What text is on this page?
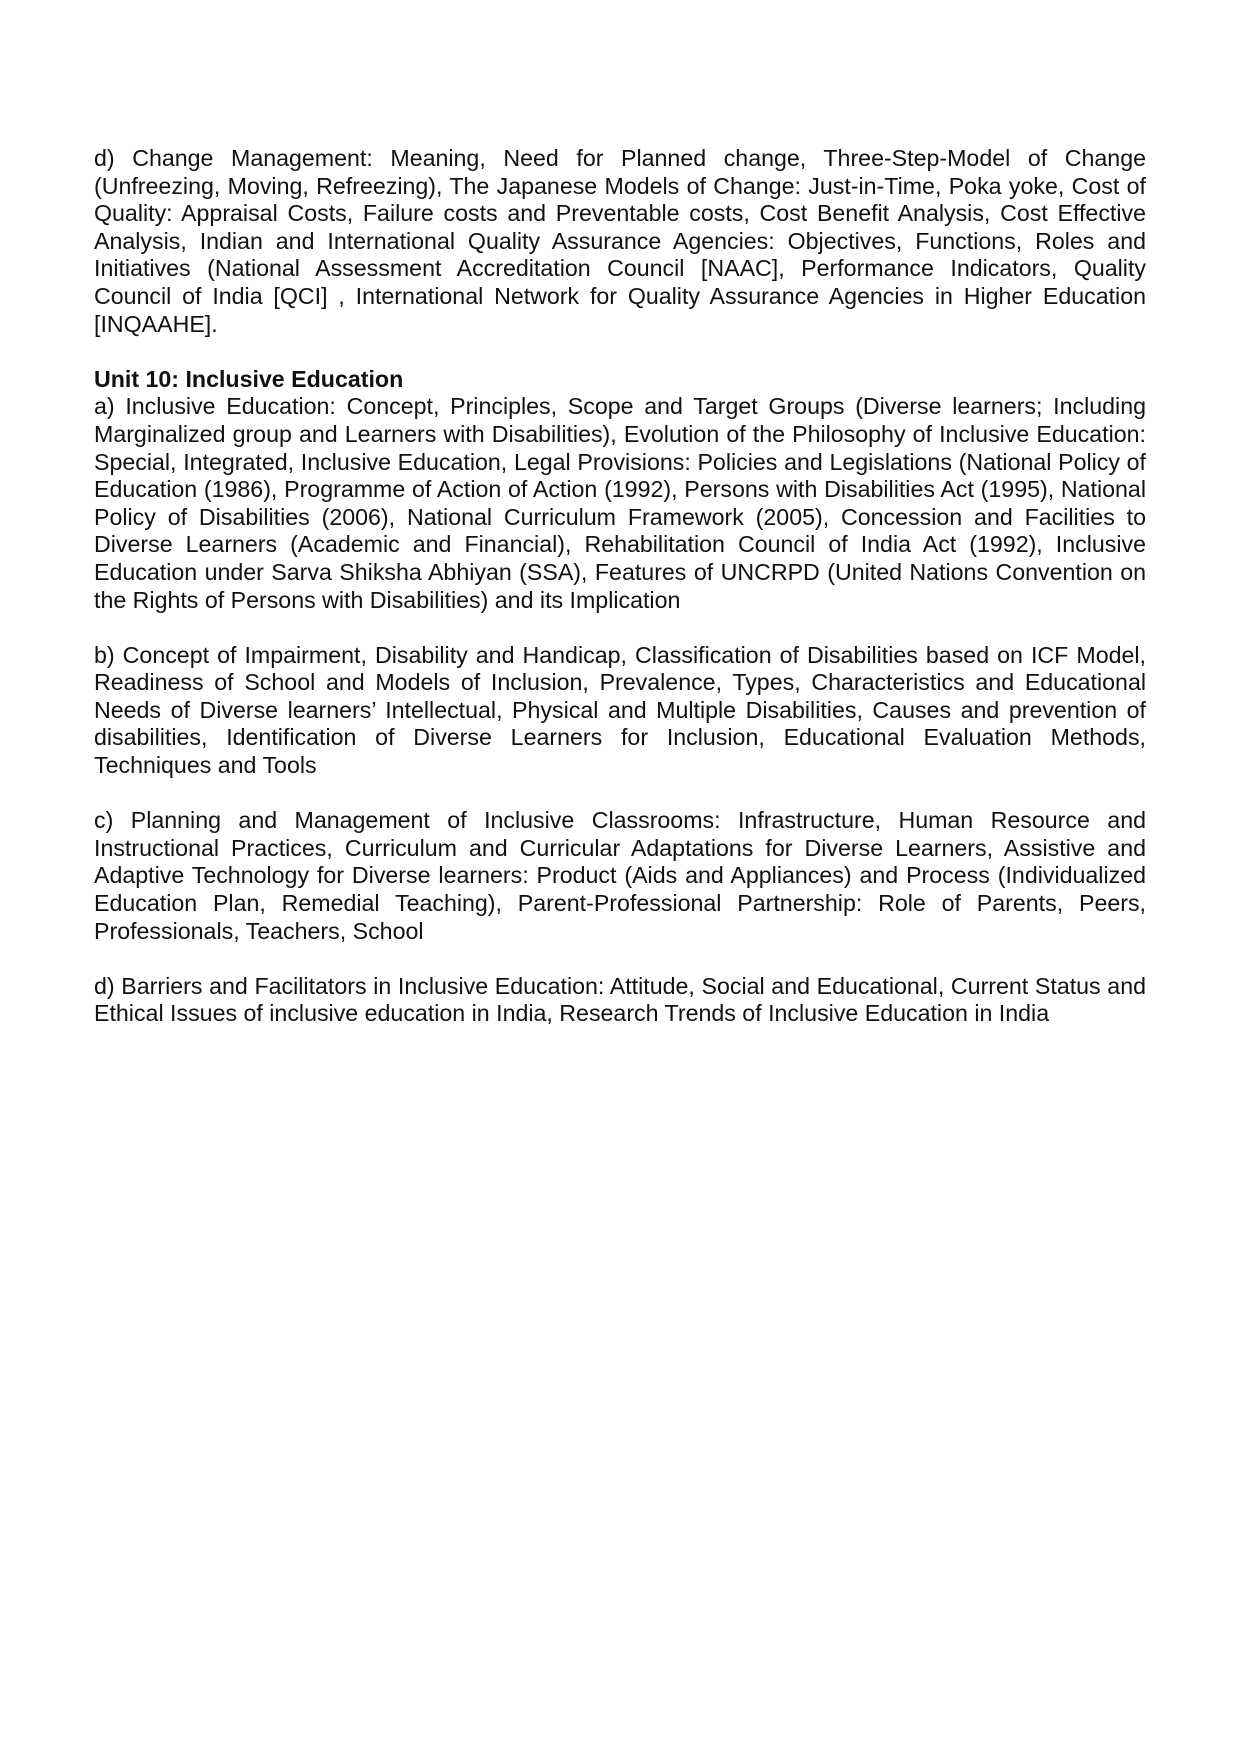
d) Change Management: Meaning, Need for Planned change, Three-Step-Model of Change (Unfreezing, Moving, Refreezing), The Japanese Models of Change: Just-in-Time, Poka yoke, Cost of Quality: Appraisal Costs, Failure costs and Preventable costs, Cost Benefit Analysis, Cost Effective Analysis, Indian and International Quality Assurance Agencies: Objectives, Functions, Roles and Initiatives (National Assessment Accreditation Council [NAAC], Performance Indicators, Quality Council of India [QCI] , International Network for Quality Assurance Agencies in Higher Education [INQAAHE].

Unit 10: Inclusive Education

a) Inclusive Education: Concept, Principles, Scope and Target Groups (Diverse learners; Including Marginalized group and Learners with Disabilities), Evolution of the Philosophy of Inclusive Education: Special, Integrated, Inclusive Education, Legal Provisions: Policies and Legislations (National Policy of Education (1986), Programme of Action of Action (1992), Persons with Disabilities Act (1995), National Policy of Disabilities (2006), National Curriculum Framework (2005), Concession and Facilities to Diverse Learners (Academic and Financial), Rehabilitation Council of India Act (1992), Inclusive Education under Sarva Shiksha Abhiyan (SSA), Features of UNCRPD (United Nations Convention on the Rights of Persons with Disabilities) and its Implication

b) Concept of Impairment, Disability and Handicap, Classification of Disabilities based on ICF Model, Readiness of School and Models of Inclusion, Prevalence, Types, Characteristics and Educational Needs of Diverse learners’ Intellectual, Physical and Multiple Disabilities, Causes and prevention of disabilities, Identification of Diverse Learners for Inclusion, Educational Evaluation Methods, Techniques and Tools

c) Planning and Management of Inclusive Classrooms: Infrastructure, Human Resource and Instructional Practices, Curriculum and Curricular Adaptations for Diverse Learners, Assistive and Adaptive Technology for Diverse learners: Product (Aids and Appliances) and Process (Individualized Education Plan, Remedial Teaching), Parent-Professional Partnership: Role of Parents, Peers, Professionals, Teachers, School

d) Barriers and Facilitators in Inclusive Education: Attitude, Social and Educational, Current Status and Ethical Issues of inclusive education in India, Research Trends of Inclusive Education in India
